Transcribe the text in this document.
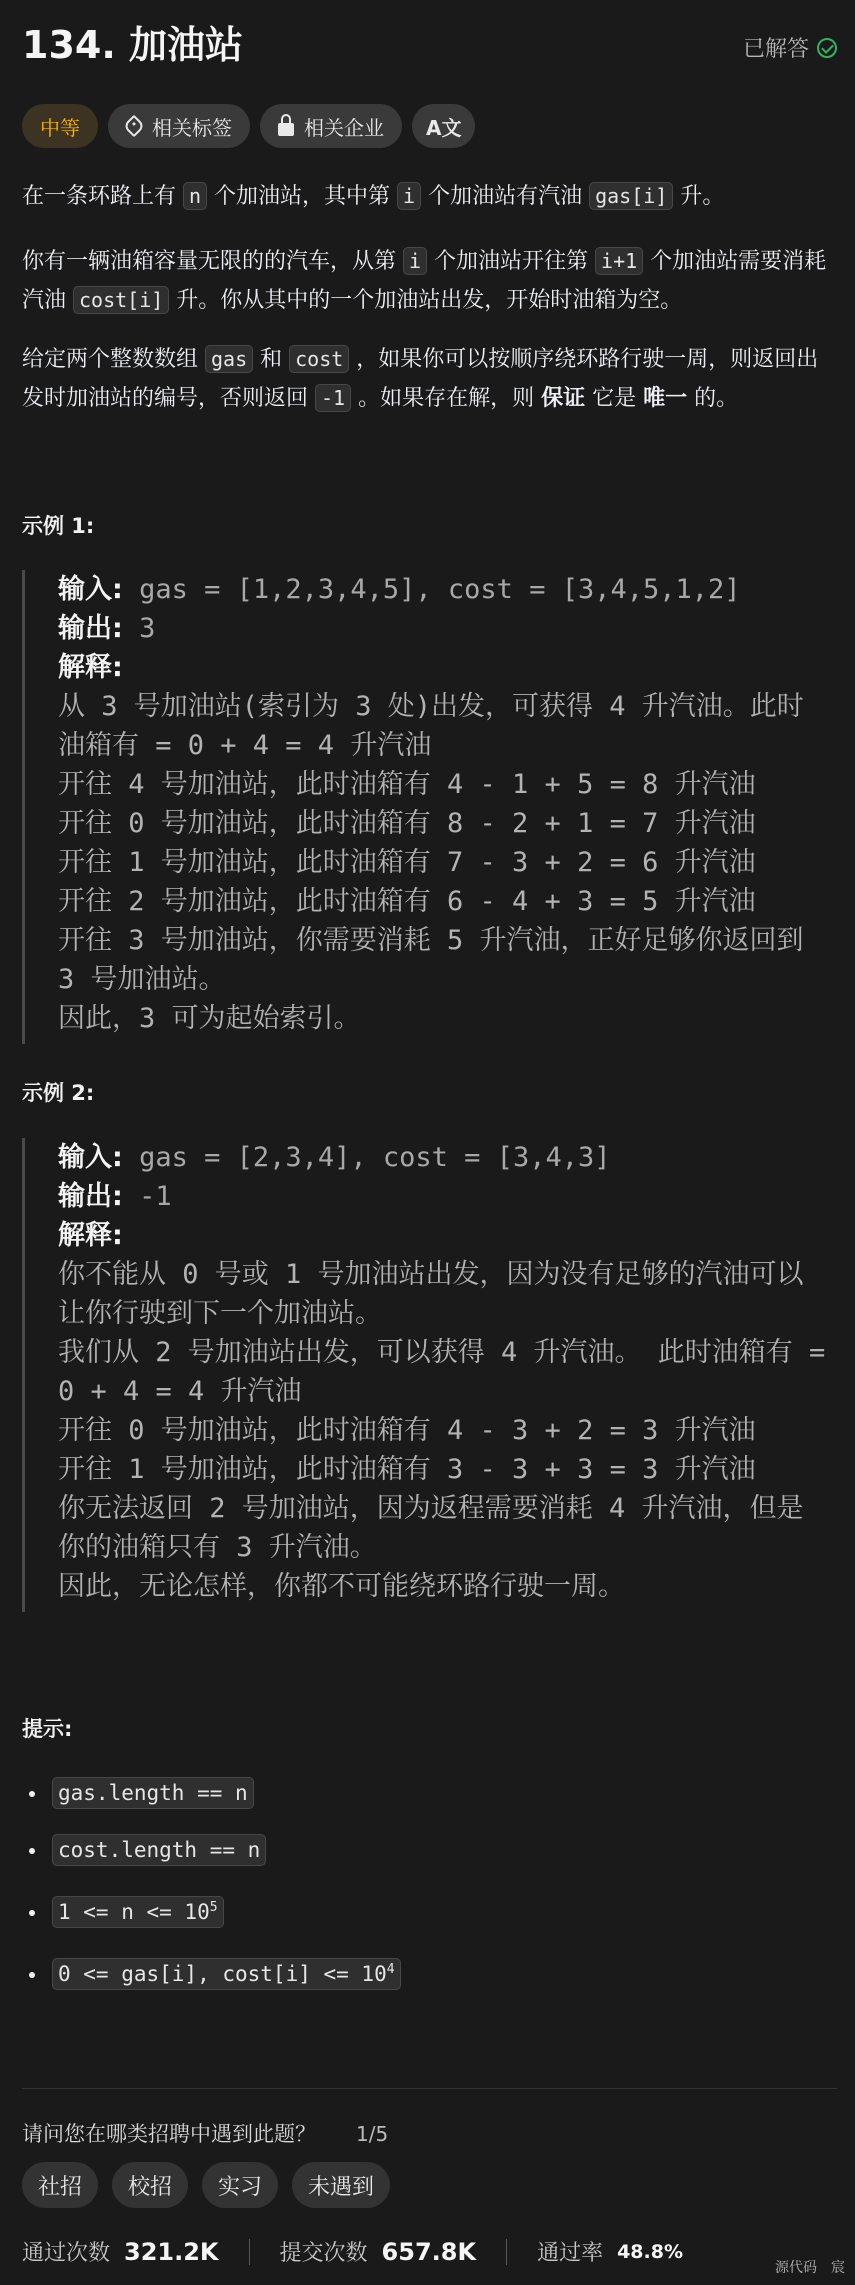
134. 加油站	已解答
中等	相关标签	相关企业 A文
在一条环路上有 n 个加油站，其中第 i 个加油站有汽油 gas[i] 升。
你有一辆油箱容量无限的的汽车，从第 i 个加油站开往第 i+1 个加油站需要消耗汽油 cost[i] 升。你从其中的一个加油站出发，开始时油箱为空。
给定两个整数数组 gas 和 cost ，如果你可以按顺序绕环路行驶一周，则返回出发时加油站的编号，否则返回 -1 。如果存在解，则 保证 它是 唯一 的。
示例 1:
输入: gas = [1,2,3,4,5], cost = [3,4,5,1,2]
输出: 3
解释:
从 3 号加油站(索引为 3 处)出发，可获得 4 升汽油。此时油箱有 = 0 + 4 = 4 升汽油
开往 4 号加油站，此时油箱有 4 - 1 + 5 = 8 升汽油
开往 0 号加油站，此时油箱有 8 - 2 + 1 = 7 升汽油
开往 1 号加油站，此时油箱有 7 - 3 + 2 = 6 升汽油
开往 2 号加油站，此时油箱有 6 - 4 + 3 = 5 升汽油
开往 3 号加油站，你需要消耗 5 升汽油，正好足够你返回到 3 号加油站。
因此，3 可为起始索引。
示例 2:
输入: gas = [2,3,4], cost = [3,4,3]
输出: -1
解释:
你不能从 0 号或 1 号加油站出发，因为没有足够的汽油可以让你行驶到下一个加油站。
我们从 2 号加油站出发，可以获得 4 升汽油。 此时油箱有 = 0 + 4 = 4 升汽油
开往 0 号加油站，此时油箱有 4 - 3 + 2 = 3 升汽油
开往 1 号加油站，此时油箱有 3 - 3 + 3 = 3 升汽油
你无法返回 2 号加油站，因为返程需要消耗 4 升汽油，但是你的油箱只有 3 升汽油。
因此，无论怎样，你都不可能绕环路行驶一周。
提示:
• gas.length == n
• cost.length == n
• $1 <= n <= 10^5$
• 0 <= gas[i], $\cos t[i] <= 10^4$
请问您在哪类招聘中遇到此题？ 1/5
社招	校招	实习	未遇到
通过次数 321.2K	提交次数 657.8K	通过率 48.8%
源代码 宸
